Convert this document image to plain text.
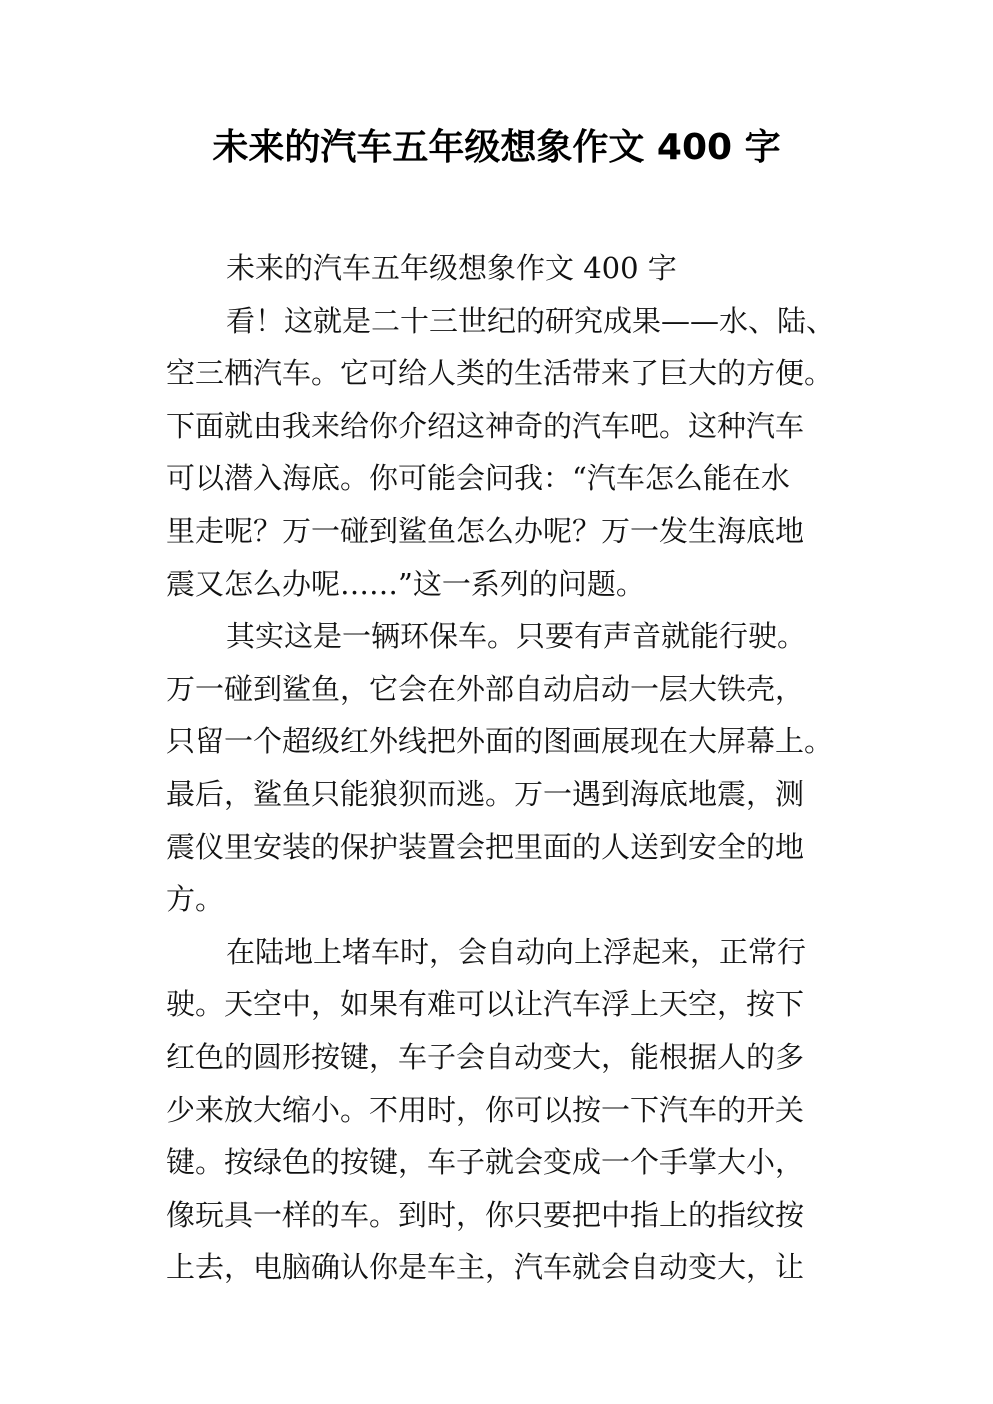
未来的汽车五年级想象作文 400 字
未来的汽车五年级想象作文 400 字
看！这就是二十三世纪的研究成果——水、陆、
空三栖汽车。它可给人类的生活带来了巨大的方便。
下面就由我来给你介绍这神奇的汽车吧。这种汽车
可以潜入海底。你可能会问我：“汽车怎么能在水
里走呢？万一碰到鲨鱼怎么办呢？万一发生海底地
震又怎么办呢……”这一系列的问题。
其实这是一辆环保车。只要有声音就能行驶。
万一碰到鲨鱼，它会在外部自动启动一层大铁壳，
只留一个超级红外线把外面的图画展现在大屏幕上。
最后，鲨鱼只能狼狈而逃。万一遇到海底地震，测
震仪里安装的保护装置会把里面的人送到安全的地
方。
在陆地上堵车时，会自动向上浮起来，正常行
驶。天空中，如果有难可以让汽车浮上天空，按下
红色的圆形按键，车子会自动变大，能根据人的多
少来放大缩小。不用时，你可以按一下汽车的开关
键。按绿色的按键，车子就会变成一个手掌大小，
像玩具一样的车。到时，你只要把中指上的指纹按
上去，电脑确认你是车主，汽车就会自动变大，让
